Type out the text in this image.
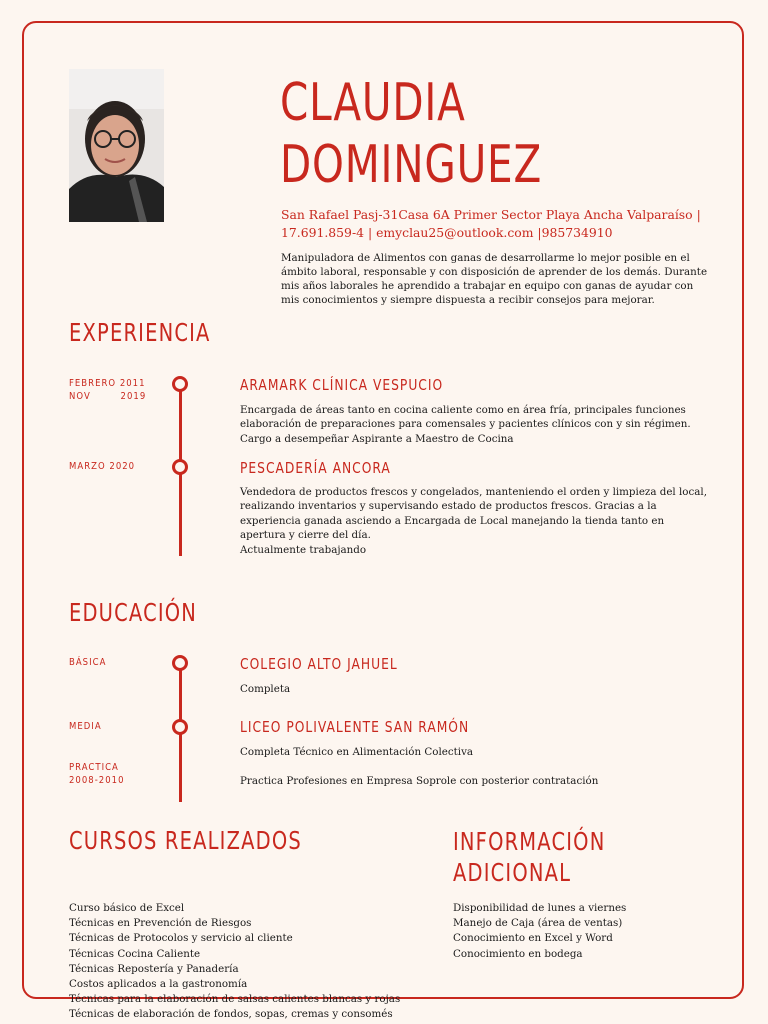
CLAUDIA
DOMINGUEZ
San Rafael Pasj-31Casa 6A Primer Sector Playa Ancha Valparaíso |
17.691.859-4 | emyclau25@outlook.com |985734910
Manipuladora de Alimentos con ganas de desarrollarme lo mejor posible en el ámbito laboral, responsable y con disposición de aprender de los demás. Durante mis años laborales he aprendido a trabajar en equipo con ganas de ayudar con mis conocimientos y siempre dispuesta a recibir consejos para mejorar.
EXPERIENCIA
FEBRERO 2011
NOV        2019
ARAMARK CLÍNICA VESPUCIO
Encargada de áreas tanto en cocina caliente como en área fría, principales funciones elaboración de preparaciones para comensales y pacientes clínicos con y sin régimen. Cargo a desempeñar Aspirante a Maestro de Cocina
MARZO 2020	PESCADERÍA ANCORA
Vendedora de productos frescos y congelados, manteniendo el orden y limpieza del local, realizando inventarios y supervisando estado de productos frescos. Gracias a la experiencia ganada asciendo a Encargada de Local manejando la tienda tanto en apertura y cierre del día.
Actualmente trabajando
EDUCACIÓN
BÁSICA	COLEGIO ALTO JAHUEL
Completa
MEDIA	LICEO POLIVALENTE SAN RAMÓN
Completa Técnico en Alimentación Colectiva
PRACTICA
2008-2010	Practica Profesiones en Empresa Soprole con posterior contratación
CURSOS REALIZADOS
Curso básico de Excel
Técnicas en Prevención de Riesgos
Técnicas de Protocolos y servicio al cliente
Técnicas Cocina Caliente
Técnicas Repostería y Panadería
Costos aplicados a la gastronomía
Técnicas para la elaboración de salsas calientes blancas y rojas
Técnicas de elaboración de fondos, sopas, cremas y consomés
INFORMACIÓN
ADICIONAL
Disponibilidad de lunes a viernes
Manejo de Caja (área de ventas)
Conocimiento en Excel y Word
Conocimiento en bodega
